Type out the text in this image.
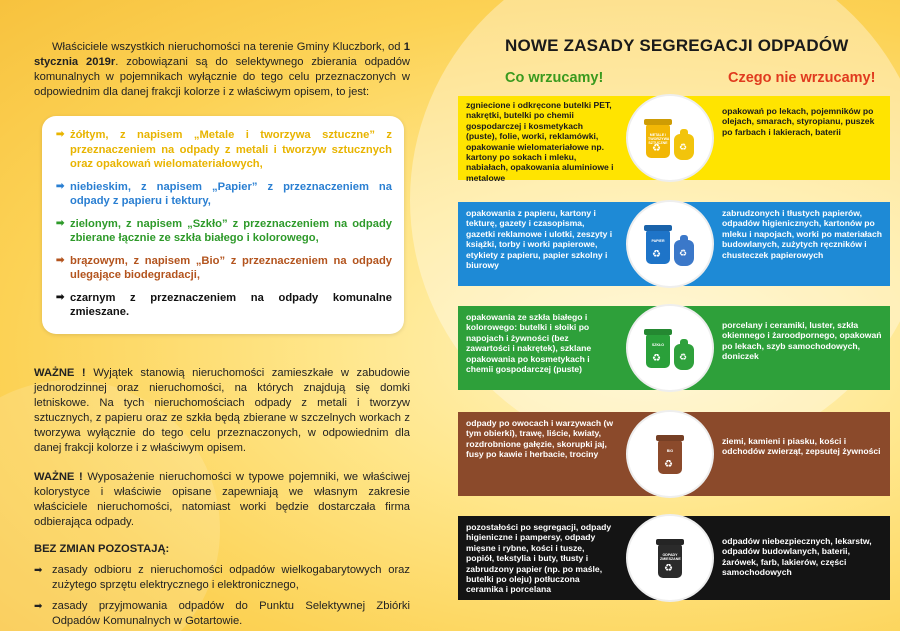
Właściciele wszystkich nieruchomości na terenie Gminy Kluczbork, od 1 stycznia 2019r. zobowiązani są do selektywnego zbierania odpadów komunalnych w pojemnikach wyłącznie do tego celu przeznaczonych w odpowiednim dla danej frakcji kolorze i z właściwym opisem, to jest:

➡ żółtym, z napisem „Metale i tworzywa sztuczne” z przeznaczeniem na odpady z metali i tworzyw sztucznych oraz opakowań wielomateriałowych,
➡ niebieskim, z napisem „Papier” z przeznaczeniem na odpady z papieru i tektury,
➡ zielonym, z napisem „Szkło” z przeznaczeniem na odpady zbierane łącznie ze szkła białego i kolorowego,
➡ brązowym, z napisem „Bio” z przeznaczeniem na odpady ulegające biodegradacji,
➡ czarnym z przeznaczeniem na odpady komunalne zmieszane.

WAŻNE ! Wyjątek stanowią nieruchomości zamieszkałe w zabudowie jednorodzinnej oraz nieruchomości, na których znajdują się domki letniskowe. Na tych nieruchomościach odpady z metali i tworzyw sztucznych, z papieru oraz ze szkła będą zbierane w szczelnych workach z tworzywa wyłącznie do tego celu przeznaczonych, w odpowiednim dla danej frakcji kolorze i z właściwym opisem.

WAŻNE ! Wyposażenie nieruchomości w typowe pojemniki, we właściwej kolorystyce i właściwie opisane zapewniają we własnym zakresie właściciele nieruchomości, natomiast worki będzie dostarczała firma odbierająca odpady.

BEZ ZMIAN POZOSTAJĄ:
➡ zasady odbioru z nieruchomości odpadów wielkogabarytowych oraz zużytego sprzętu elektrycznego i elektronicznego,
➡ zasady przyjmowania odpadów do Punktu Selektywnej Zbiórki Odpadów Komunalnych w Gotartowie.
NOWE ZASADY SEGREGACJI ODPADÓW
Co wrzucamy!	Czego nie wrzucamy!
zgniecione i odkręcone butelki PET, nakrętki, butelki po chemii gospodarczej i kosmetykach (puste), folie, worki, reklamówki, opakowanie wielomateriałowe np. kartony po sokach i mleku, nabiałach, opakowania aluminiowe i metalowe
opakowań po lekach, pojemników po olejach, smarach, styropianu, puszek po farbach i lakierach, baterii
METALE I TWORZYWA SZTUCZNE
♻ ♻
opakowania z papieru, kartony i tekturę, gazety i czasopisma, gazetki reklamowe i ulotki, zeszyty i książki, torby i worki papierowe, etykiety z papieru, papier szkolny i biurowy
zabrudzonych i tłustych papierów, odpadów higienicznych, kartonów po mleku i napojach, worki po materiałach budowlanych, zużytych ręczników i chusteczek papierowych
PAPIER
♻ ♻
opakowania ze szkła białego i kolorowego: butelki i słoiki po napojach i żywności (bez zawartości i nakrętek), szklane opakowania po kosmetykach i chemii gospodarczej (puste)
porcelany i ceramiki, luster, szkła okiennego i żaroodpornego, opakowań po lekach, szyb samochodowych, doniczek
SZKŁO
♻ ♻
odpady po owocach i warzywach (w tym obierki), trawę, liście, kwiaty, rozdrobnione gałęzie, skorupki jaj, fusy po kawie i herbacie, trociny
ziemi, kamieni i piasku, kości i odchodów zwierząt, zepsutej żywności
BIO
♻
pozostałości po segregacji, odpady higieniczne i pampersy, odpady mięsne i rybne, kości i tusze, popiół, tekstylia i buty, tłusty i zabrudzony papier (np. po maśle, butelki po oleju) potłuczona ceramika i porcelana
odpadów niebezpiecznych, lekarstw, odpadów budowlanych, baterii, żarówek, farb, lakierów, części samochodowych
ODPADY ZMIESZANE
♻
